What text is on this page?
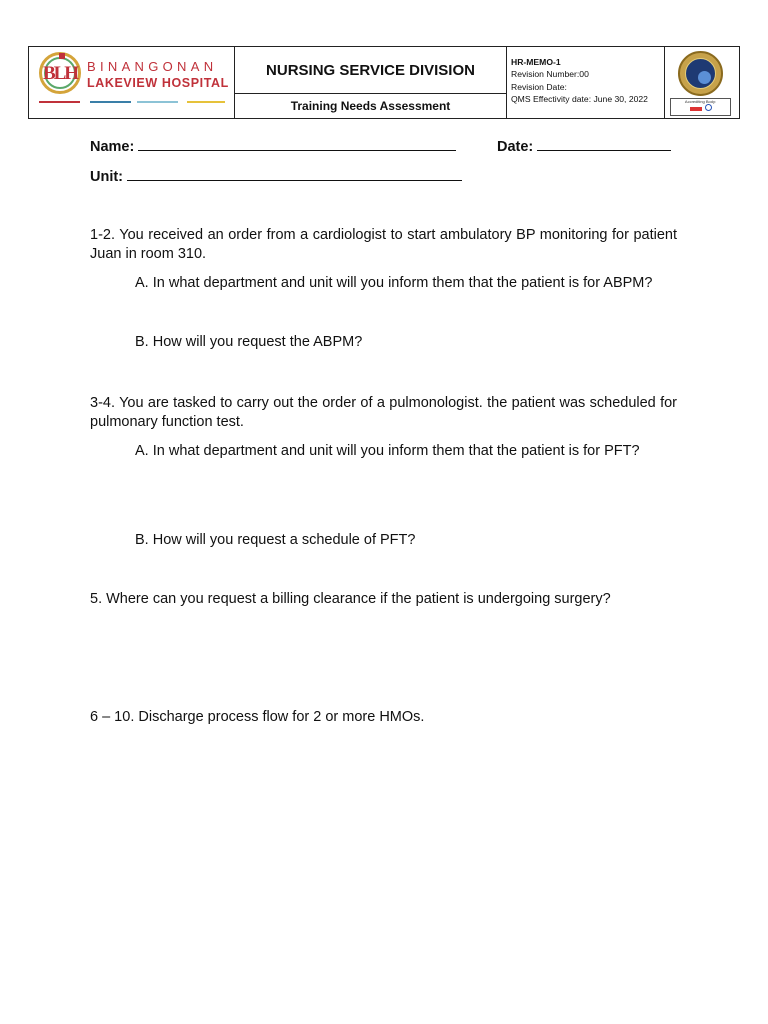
BLH BINANGONAN
LAKEVIEW HOSPITAL
NURSING SERVICE DIVISION
Training Needs Assessment
HR-MEMO-1
Revision Number:00
Revision Date:
QMS Effectivity date: June 30, 2022	Accrediting Body:

Name:	Date:
Unit:
1-2. You received an order from a cardiologist to start ambulatory BP monitoring for patient Juan in room 310.
A. In what department and unit will you inform them that the patient is for ABPM?
B. How will you request the ABPM?
3-4. You are tasked to carry out the order of a pulmonologist. the patient was scheduled for pulmonary function test.
A. In what department and unit will you inform them that the patient is for PFT?
B. How will you request a schedule of PFT?
5. Where can you request a billing clearance if the patient is undergoing surgery?
6 – 10. Discharge process flow for 2 or more HMOs.
